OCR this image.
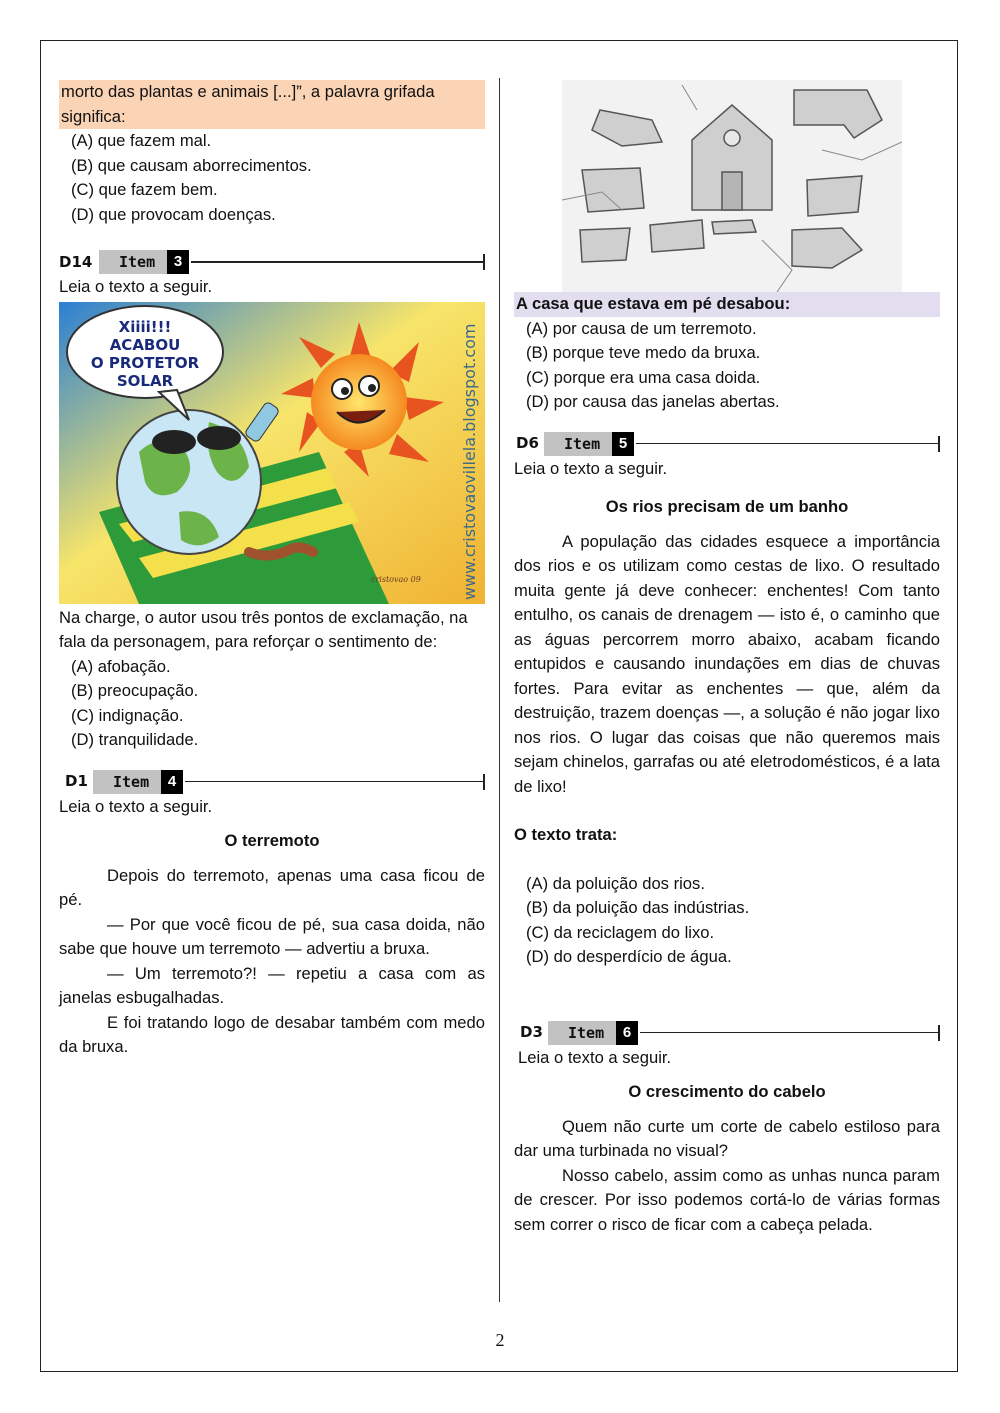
morto das plantas e animais [...]”, a palavra grifada significa:

(A) que fazem mal.

(B) que causam aborrecimentos.

(C) que fazem bem.

(D) que provocam doenças.

D14	Item	3

Leia o texto a seguir.

Xiiii!!!
ACABOU
O PROTETOR
SOLAR	www.cristovaovillela.blogspot.com
cristovao 09

Na charge, o autor usou três pontos de exclamação, na fala da personagem, para reforçar o sentimento de:

(A) afobação.

(B) preocupação.

(C) indignação.

(D) tranquilidade.

D1	Item	4

Leia o texto a seguir.

O terremoto

Depois do terremoto, apenas uma casa ficou de pé.

— Por que você ficou de pé, sua casa doida, não sabe que houve um terremoto — advertiu a bruxa.

— Um terremoto?! — repetiu a casa com as janelas esbugalhadas.

E foi tratando logo de desabar também com medo da bruxa.

A casa que estava em pé desabou:

(A) por causa de um terremoto.

(B) porque teve medo da bruxa.

(C) porque era uma casa doida.

(D) por causa das janelas abertas.

D6	Item	5

Leia o texto a seguir.

Os rios precisam de um banho

A população das cidades esquece a importância dos rios e os utilizam como cestas de lixo. O resultado muita gente já deve conhecer: enchentes! Com tanto entulho, os canais de drenagem — isto é, o caminho que as águas percorrem morro abaixo, acabam ficando entupidos e causando inundações em dias de chuvas fortes. Para evitar as enchentes — que, além da destruição, trazem doenças —, a solução é não jogar lixo nos rios. O lugar das coisas que não queremos mais sejam chinelos, garrafas ou até eletrodomésticos, é a lata de lixo!

O texto trata:

(A) da poluição dos rios.

(B) da poluição das indústrias.

(C) da reciclagem do lixo.

(D) do desperdício de água.

D3	Item	6

Leia o texto a seguir.

O crescimento do cabelo

Quem não curte um corte de cabelo estiloso para dar uma turbinada no visual?

Nosso cabelo, assim como as unhas nunca param de crescer. Por isso podemos cortá-lo de várias formas sem correr o risco de ficar com a cabeça pelada.

2
